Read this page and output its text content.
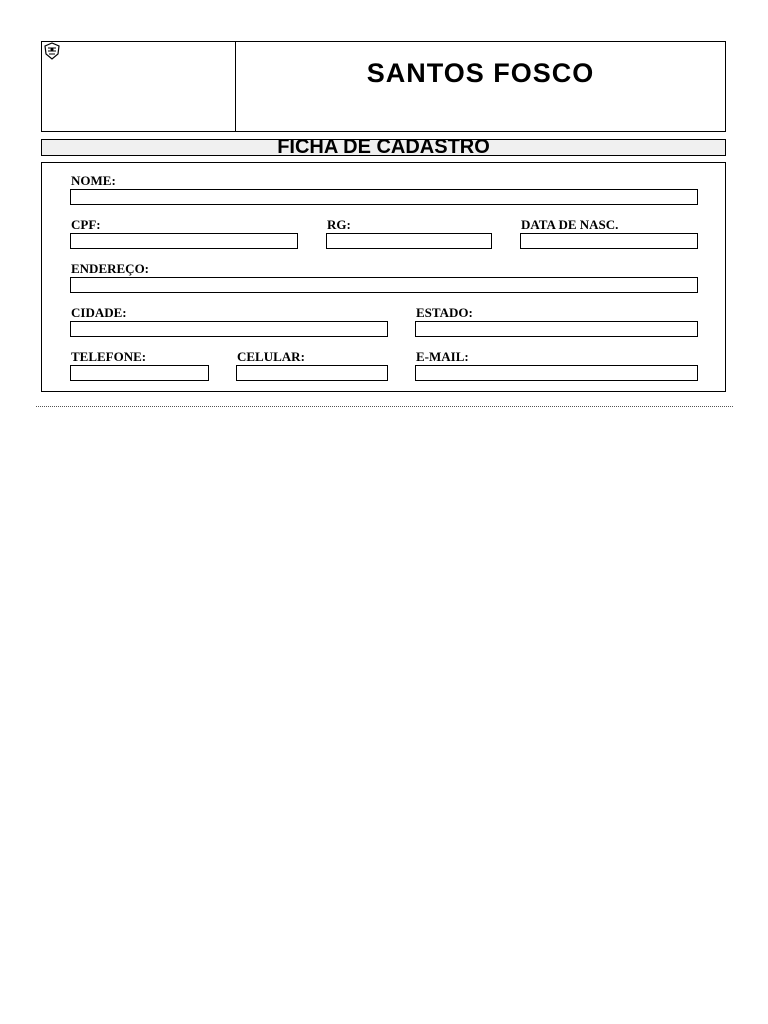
SANTOS FOSCO
FICHA DE CADASTRO
NOME:
CPF:	RG:	DATA DE NASC.
ENDEREÇO:
CIDADE:	ESTADO:
TELEFONE:	CELULAR:	E-MAIL:
